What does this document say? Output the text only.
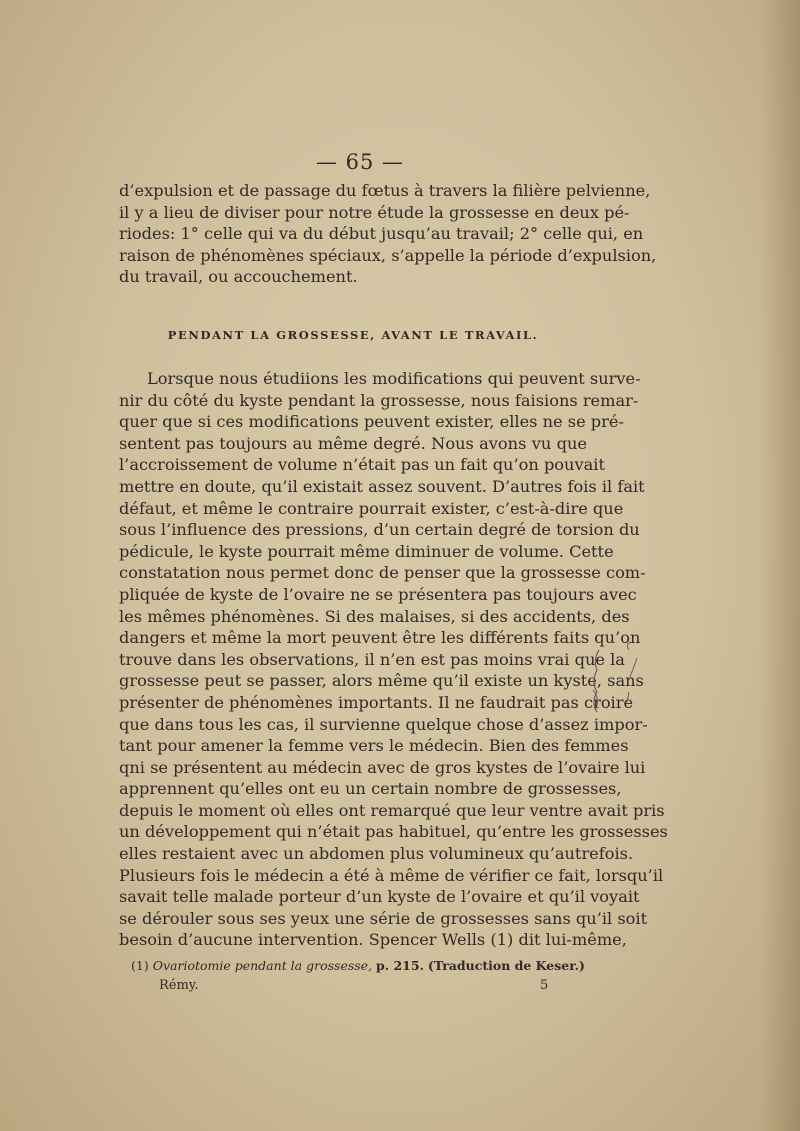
— 65 —

d’expulsion et de passage du fœtus à travers la filière pelvienne,
il y a lieu de diviser pour notre étude la grossesse en deux pé-
riodes: 1° celle qui va du début jusqu’au travail; 2° celle qui, en
raison de phénomènes spéciaux, s’appelle la période d’expulsion,
du travail, ou accouchement.

PENDANT LA GROSSESSE, AVANT LE TRAVAIL.

Lorsque nous étudiions les modifications qui peuvent surve-
nir du côté du kyste pendant la grossesse, nous faisions remar-
quer que si ces modifications peuvent exister, elles ne se pré-
sentent pas toujours au même degré. Nous avons vu que
l’accroissement de volume n’était pas un fait qu’on pouvait
mettre en doute, qu’il existait assez souvent. D’autres fois il fait
défaut, et même le contraire pourrait exister, c’est-à-dire que
sous l’influence des pressions, d’un certain degré de torsion du
pédicule, le kyste pourrait même diminuer de volume. Cette
constatation nous permet donc de penser que la grossesse com-
pliquée de kyste de l’ovaire ne se présentera pas toujours avec
les mêmes phénomènes. Si des malaises, si des accidents, des
dangers et même la mort peuvent être les différents faits qu’on
trouve dans les observations, il n’en est pas moins vrai que la
grossesse peut se passer, alors même qu’il existe un kyste, sans
présenter de phénomènes importants. Il ne faudrait pas croire
que dans tous les cas, il survienne quelque chose d’assez impor-
tant pour amener la femme vers le médecin. Bien des femmes
qni se présentent au médecin avec de gros kystes de l’ovaire lui
apprennent qu’elles ont eu un certain nombre de grossesses,
depuis le moment où elles ont remarqué que leur ventre avait pris
un développement qui n’était pas habituel, qu’entre les grossesses
elles restaient avec un abdomen plus volumineux qu’autrefois.
Plusieurs fois le médecin a été à même de vérifier ce fait, lorsqu’il
savait telle malade porteur d’un kyste de l’ovaire et qu’il voyait
se dérouler sous ses yeux une série de grossesses sans qu’il soit
besoin d’aucune intervention. Spencer Wells (1) dit lui-même,

(1) Ovariotomie pendant la grossesse, p. 215. (Traduction de Keser.)
Rémy.	5
